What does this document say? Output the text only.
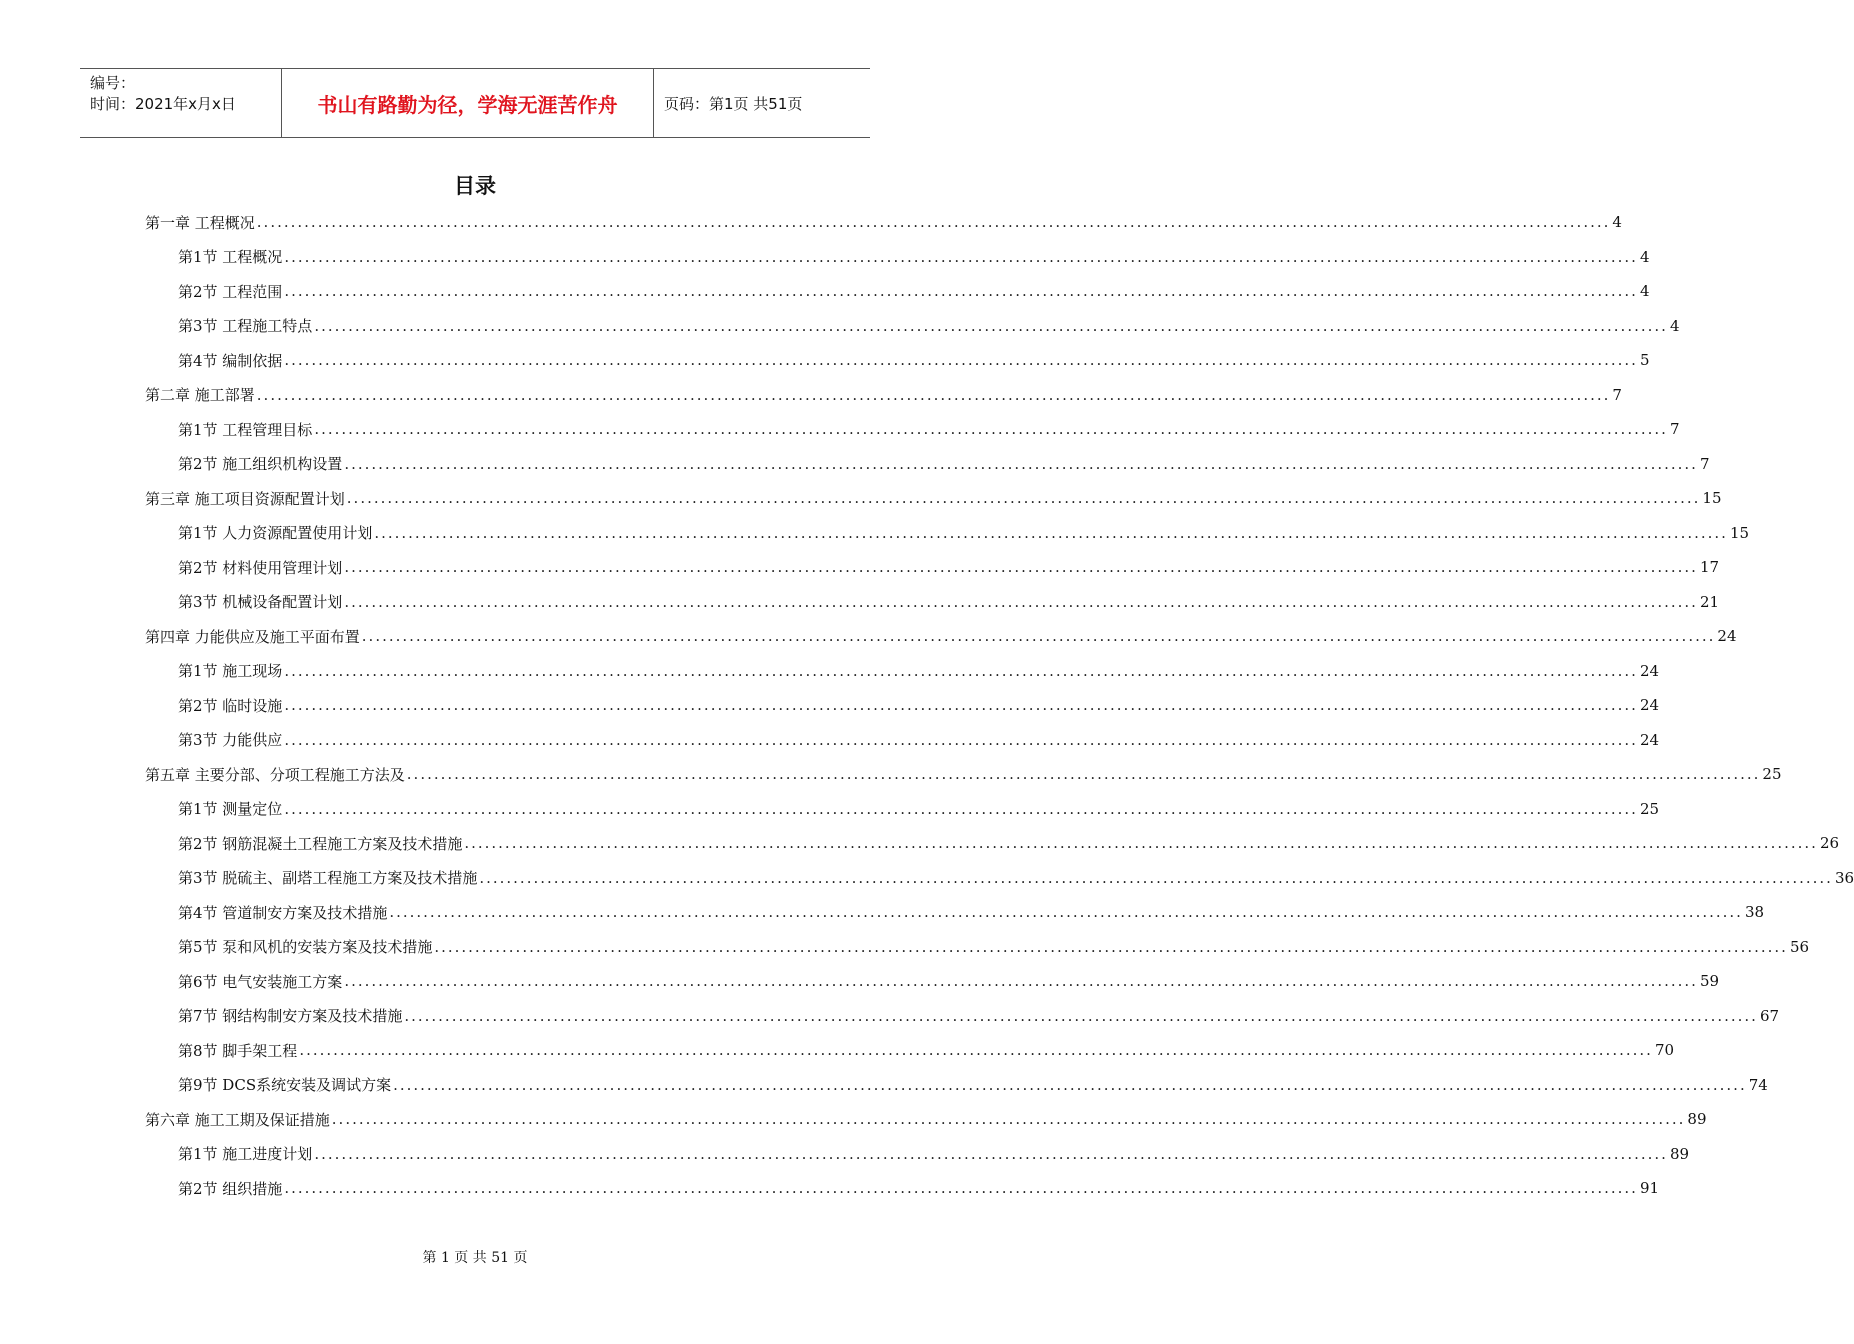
编号：
时间：2021年x月x日	书山有路勤为径，学海无涯苦作舟	页码：第1页 共51页
目录
第一章 工程概况 ........................................................................................................................................................................................................ 4
第1节 工程概况 ........................................................................................................................................................................................................ 4
第2节 工程范围 ........................................................................................................................................................................................................ 4
第3节 工程施工特点 ........................................................................................................................................................................................................ 4
第4节 编制依据 ........................................................................................................................................................................................................ 5
第二章 施工部署 ........................................................................................................................................................................................................ 7
第1节 工程管理目标 ........................................................................................................................................................................................................ 7
第2节 施工组织机构设置 ........................................................................................................................................................................................................ 7
第三章 施工项目资源配置计划 ........................................................................................................................................................................................................ 15
第1节 人力资源配置使用计划 ........................................................................................................................................................................................................ 15
第2节 材料使用管理计划 ........................................................................................................................................................................................................ 17
第3节 机械设备配置计划 ........................................................................................................................................................................................................ 21
第四章 力能供应及施工平面布置 ........................................................................................................................................................................................................ 24
第1节 施工现场 ........................................................................................................................................................................................................ 24
第2节 临时设施 ........................................................................................................................................................................................................ 24
第3节 力能供应 ........................................................................................................................................................................................................ 24
第五章 主要分部、分项工程施工方法及 ........................................................................................................................................................................................................ 25
第1节 测量定位 ........................................................................................................................................................................................................ 25
第2节 钢筋混凝土工程施工方案及技术措施 ........................................................................................................................................................................................................ 26
第3节 脱硫主、副塔工程施工方案及技术措施 ........................................................................................................................................................................................................ 36
第4节 管道制安方案及技术措施 ........................................................................................................................................................................................................ 38
第5节 泵和风机的安装方案及技术措施 ........................................................................................................................................................................................................ 56
第6节 电气安装施工方案 ........................................................................................................................................................................................................ 59
第7节 钢结构制安方案及技术措施 ........................................................................................................................................................................................................ 67
第8节 脚手架工程 ........................................................................................................................................................................................................ 70
第9节 DCS系统安装及调试方案 ........................................................................................................................................................................................................ 74
第六章 施工工期及保证措施 ........................................................................................................................................................................................................ 89
第1节 施工进度计划 ........................................................................................................................................................................................................ 89
第2节 组织措施 ........................................................................................................................................................................................................ 91
第 1 页 共 51 页
